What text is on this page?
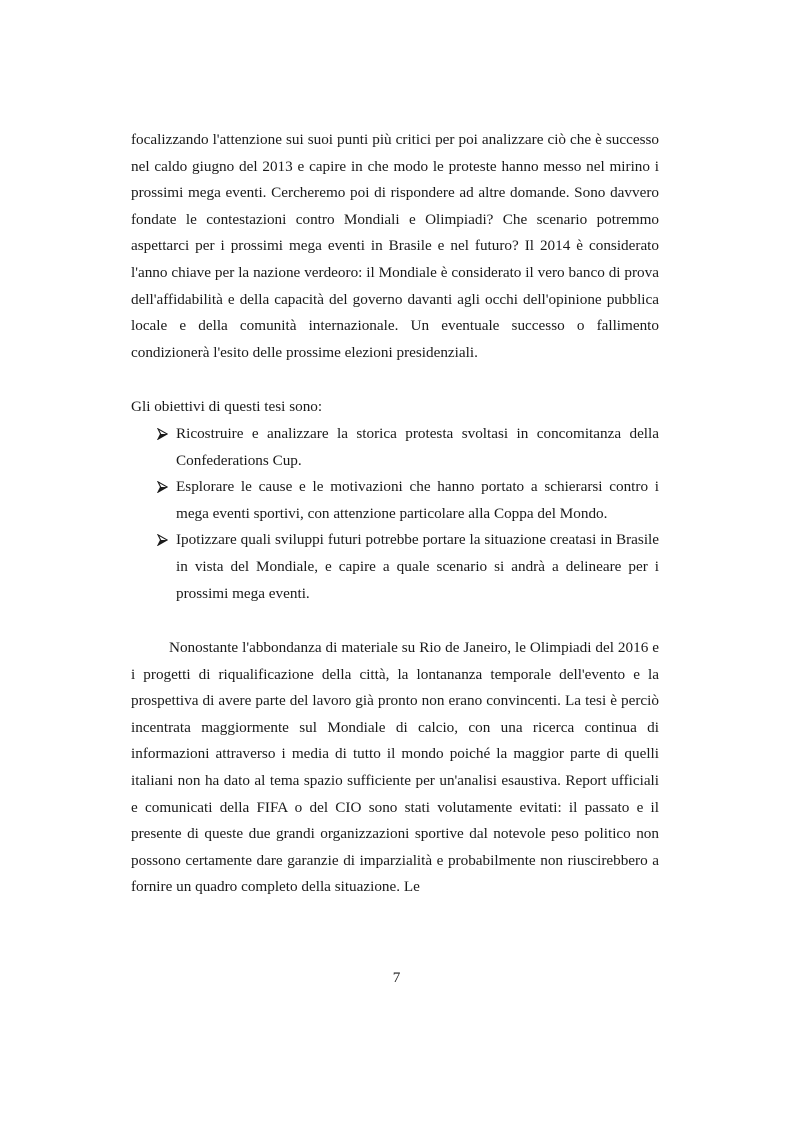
focalizzando l'attenzione sui suoi punti più critici per poi analizzare ciò che è successo nel caldo giugno del 2013 e capire in che modo le proteste hanno messo nel mirino i prossimi mega eventi. Cercheremo poi di rispondere ad altre domande. Sono davvero fondate le contestazioni contro Mondiali e Olimpiadi? Che scenario potremmo aspettarci per i prossimi mega eventi in Brasile e nel futuro? Il 2014 è considerato l'anno chiave per la nazione verdeoro: il Mondiale è considerato il vero banco di prova dell'affidabilità e della capacità del governo davanti agli occhi dell'opinione pubblica locale e della comunità internazionale. Un eventuale successo o fallimento condizionerà l'esito delle prossime elezioni presidenziali.

Gli obiettivi di questi tesi sono:

Ricostruire e analizzare la storica protesta svoltasi in concomitanza della Confederations Cup.
Esplorare le cause e le motivazioni che hanno portato a schierarsi contro i mega eventi sportivi, con attenzione particolare alla Coppa del Mondo.
Ipotizzare quali sviluppi futuri potrebbe portare la situazione creatasi in Brasile in vista del Mondiale, e capire a quale scenario si andrà a delineare per i prossimi mega eventi.

Nonostante l'abbondanza di materiale su Rio de Janeiro, le Olimpiadi del 2016 e i progetti di riqualificazione della città, la lontananza temporale dell'evento e la prospettiva di avere parte del lavoro già pronto non erano convincenti. La tesi è perciò incentrata maggiormente sul Mondiale di calcio, con una ricerca continua di informazioni attraverso i media di tutto il mondo poiché la maggior parte di quelli italiani non ha dato al tema spazio sufficiente per un'analisi esaustiva. Report ufficiali e comunicati della FIFA o del CIO sono stati volutamente evitati: il passato e il presente di queste due grandi organizzazioni sportive dal notevole peso politico non possono certamente dare garanzie di imparzialità e probabilmente non riuscirebbero a fornire un quadro completo della situazione. Le

7
